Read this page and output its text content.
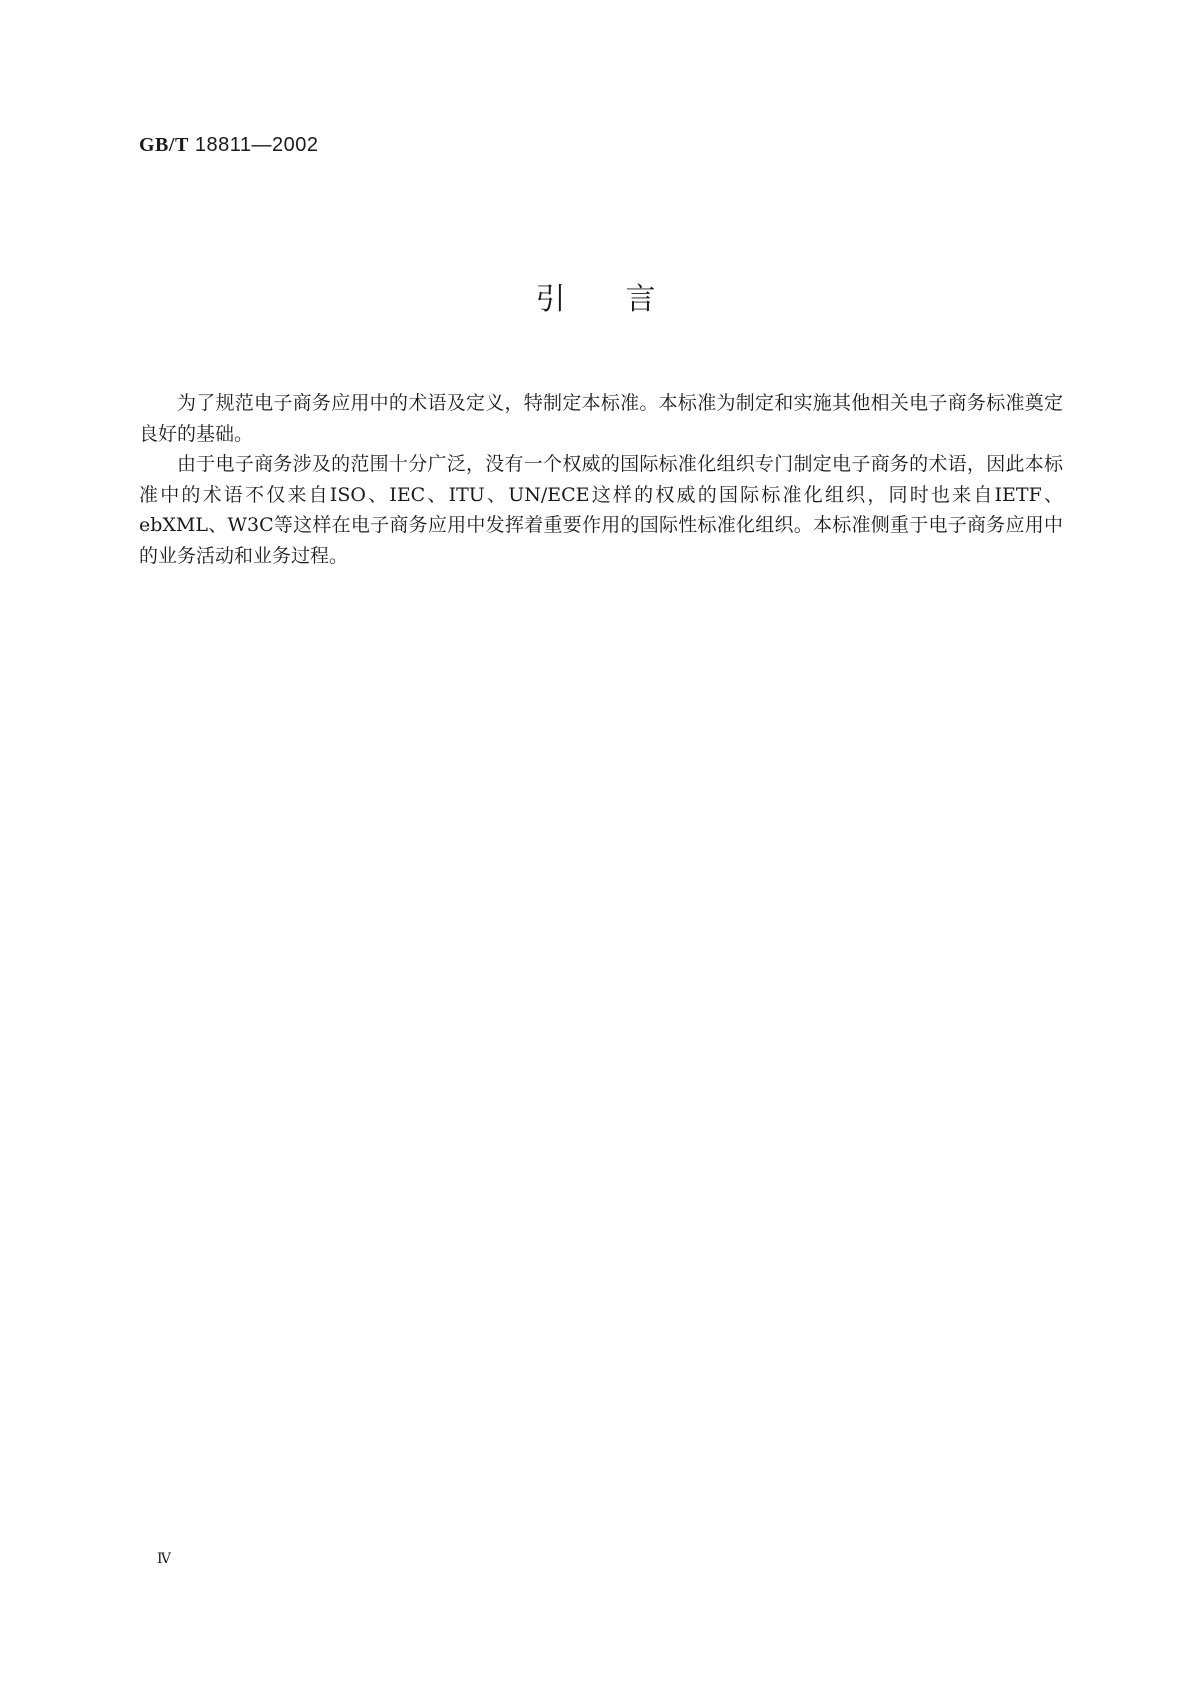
GB/T 18811—2002
引言

为了规范电子商务应用中的术语及定义，特制定本标准。本标准为制定和实施其他相关电子商务标准奠定良好的基础。

由于电子商务涉及的范围十分广泛，没有一个权威的国际标准化组织专门制定电子商务的术语，因此本标准中的术语不仅来自ISO、IEC、ITU、UN/ECE这样的权威的国际标准化组织，同时也来自IETF、ebXML、W3C等这样在电子商务应用中发挥着重要作用的国际性标准化组织。本标准侧重于电子商务应用中的业务活动和业务过程。

Ⅳ
